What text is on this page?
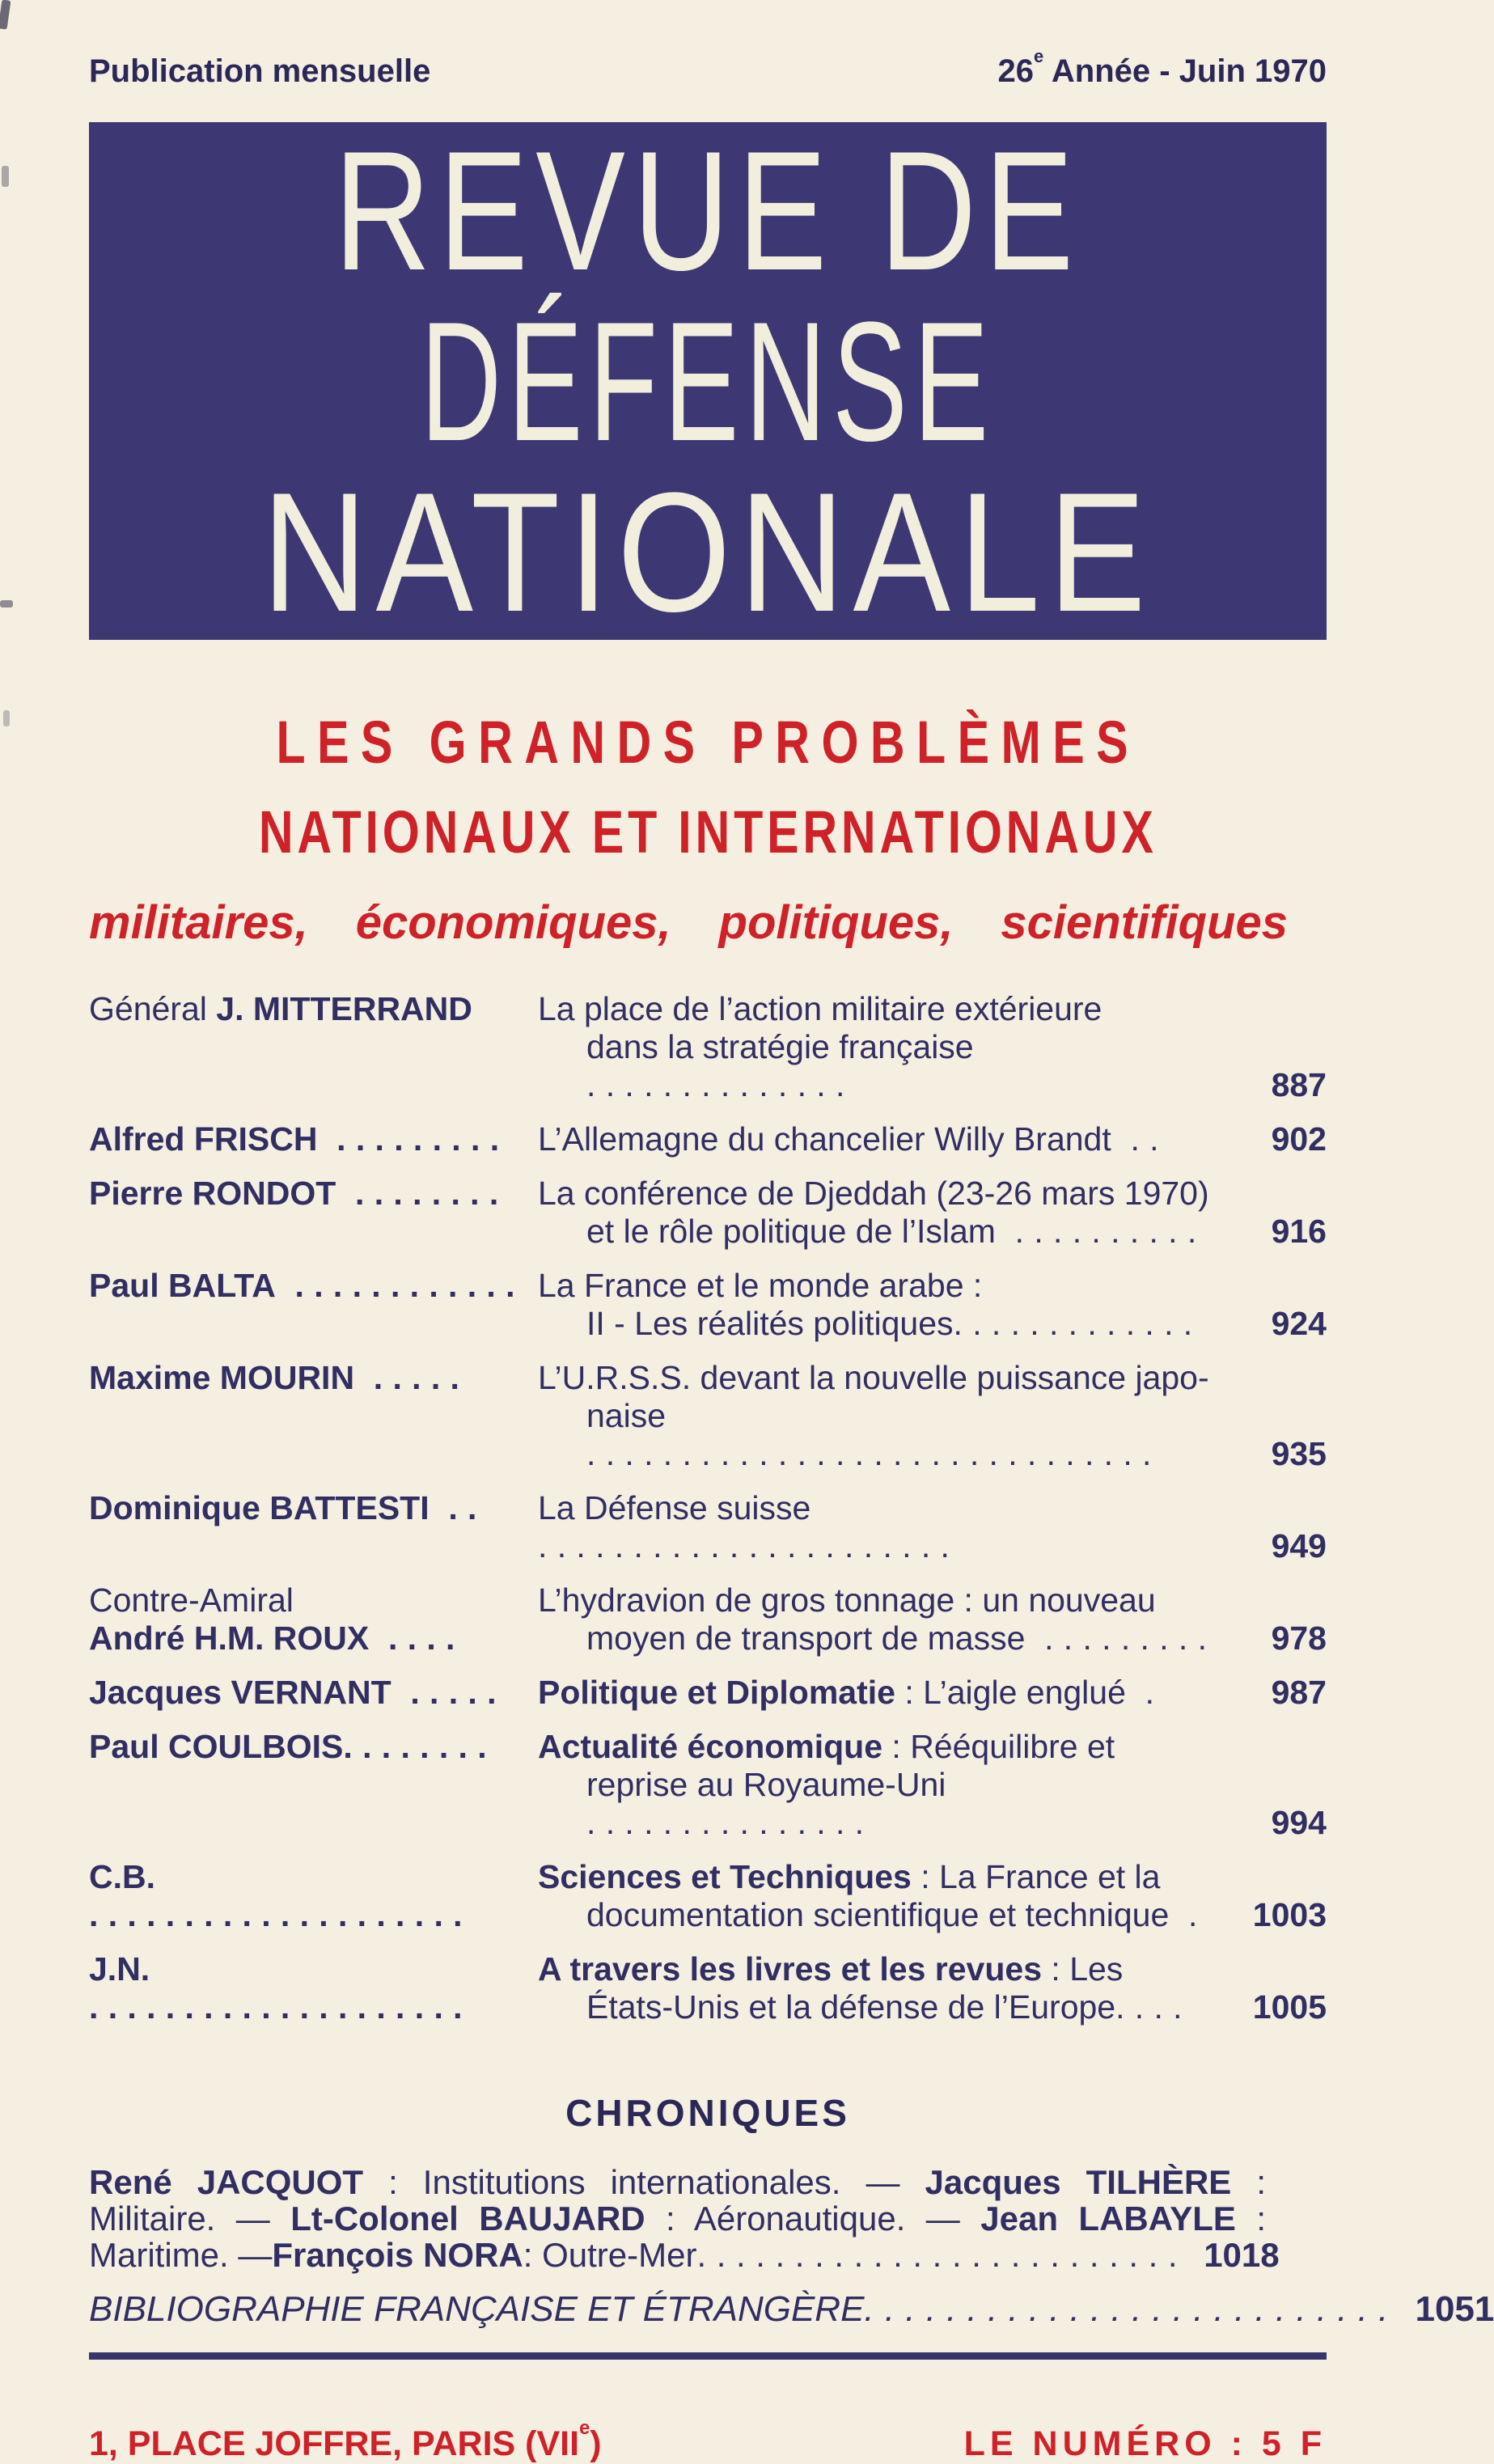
Publication mensuelle	26e Année - Juin 1970
REVUE DE
DÉFENSE
NATIONALE
LES GRANDS PROBLÈMES
NATIONAUX ET INTERNATIONAUX
militaires, économiques, politiques, scientifiques
Général J. MITTERRAND	La place de l’action militaire extérieure
dans la stratégie française ..............	887
Alfred FRISCH ......... L’Allemagne du chancelier Willy Brandt ..	902
Pierre RONDOT ........ La conférence de Djeddah (23-26 mars 1970)
et le rôle politique de l’Islam ..........	916
Paul BALTA ............ La France et le monde arabe :
II - Les réalités politiques.............	924
Maxime MOURIN .....	L’U.R.S.S. devant la nouvelle puissance japo-
naise ..............................	935
Dominique BATTESTI ..	La Défense suisse ......................	949
Contre-Amiral
André H.M. ROUX ....
L’hydravion de gros tonnage : un nouveau
moyen de transport de masse .........	978
Jacques VERNANT ..... Politique et Diplomatie : L’aigle englué .	987
Paul COULBOIS........	Actualité économique : Rééquilibre et
reprise au Royaume-Uni ...............	994
C.B. ....................
Sciences et Techniques : La France et la
documentation scientifique et technique .	1003
J.N. ....................
A travers les livres et les revues : Les
États-Unis et la défense de l’Europe....	1005
CHRONIQUES
René JACQUOT : Institutions internationales. — Jacques TILHÈRE :
Militaire. — Lt-Colonel BAUJARD : Aéronautique. — Jean LABAYLE :
Maritime. — François NORA : Outre-Mer ......................... 1018
BIBLIOGRAPHIE FRANÇAISE ET ÉTRANGÈRE .......................... 1051
1, PLACE JOFFRE, PARIS (VIIe)	LE NUMÉRO : 5 F
